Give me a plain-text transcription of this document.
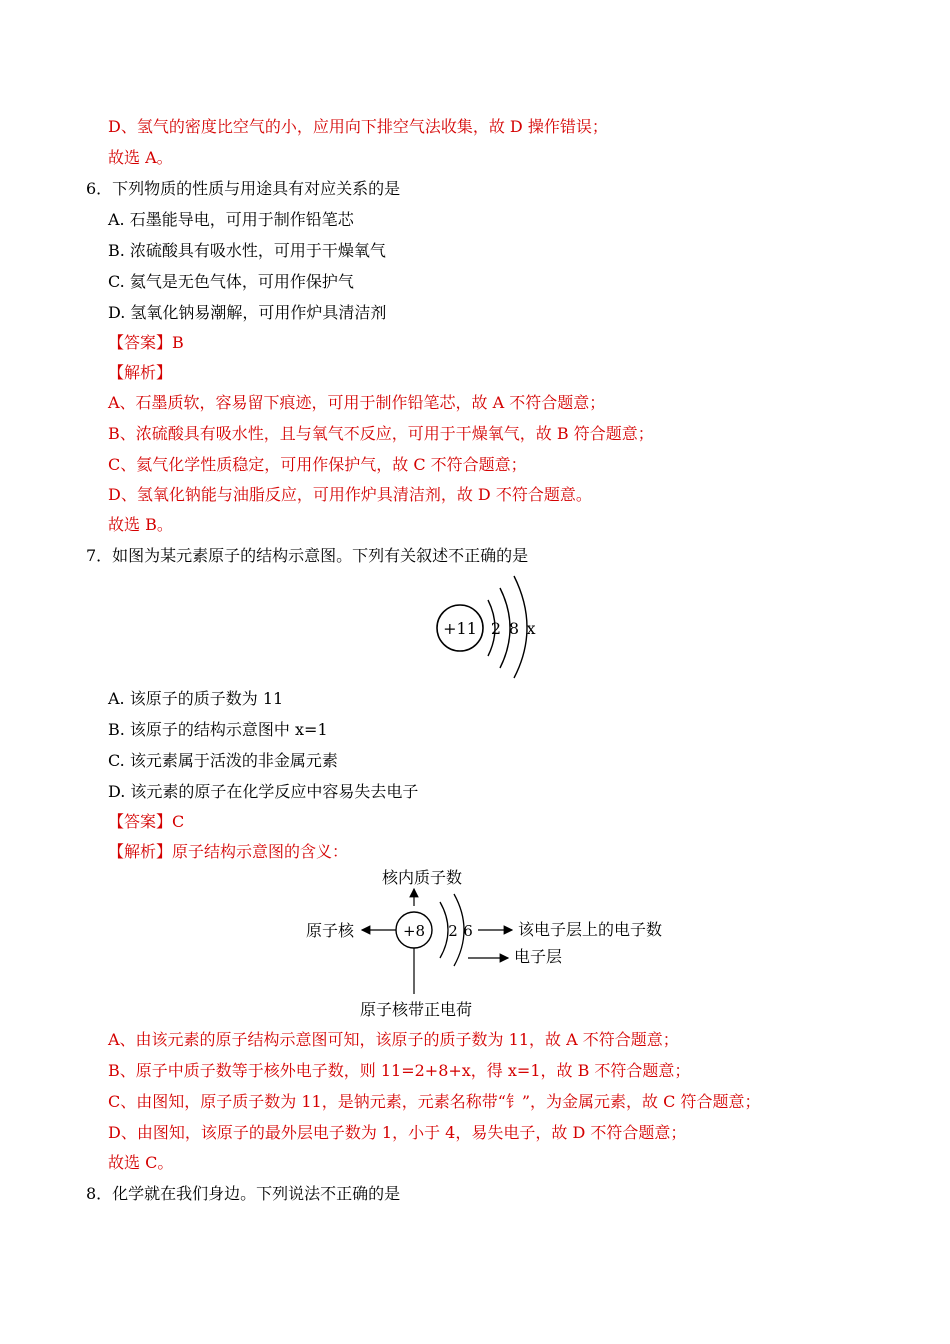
D、氢气的密度比空气的小，应用向下排空气法收集，故 D 操作错误；
故选 A。
6．下列物质的性质与用途具有对应关系的是
A. 石墨能导电，可用于制作铅笔芯
B. 浓硫酸具有吸水性，可用于干燥氧气
C. 氦气是无色气体，可用作保护气
D. 氢氧化钠易潮解，可用作炉具清洁剂
【答案】B
【解析】
A、石墨质软，容易留下痕迹，可用于制作铅笔芯，故 A 不符合题意；
B、浓硫酸具有吸水性，且与氧气不反应，可用于干燥氧气，故 B 符合题意；
C、氦气化学性质稳定，可用作保护气，故 C 不符合题意；
D、氢氧化钠能与油脂反应，可用作炉具清洁剂，故 D 不符合题意。
故选 B。
7．如图为某元素原子的结构示意图。下列有关叙述不正确的是
+11 2 8 x
A. 该原子的质子数为 11
B. 该原子的结构示意图中 x=1
C. 该元素属于活泼的非金属元素
D. 该元素的原子在化学反应中容易失去电子
【答案】C
【解析】原子结构示意图的含义：
核内质子数
原子核	+8 2 6	该电子层上的电子数
电子层
原子核带正电荷
A、由该元素的原子结构示意图可知，该原子的质子数为 11，故 A 不符合题意；
B、原子中质子数等于核外电子数，则 11=2+8+x，得 x=1，故 B 不符合题意；
C、由图知，原子质子数为 11，是钠元素，元素名称带“钅”，为金属元素，故 C 符合题意；
D、由图知，该原子的最外层电子数为 1，小于 4，易失电子，故 D 不符合题意；
故选 C。
8．化学就在我们身边。下列说法不正确的是
